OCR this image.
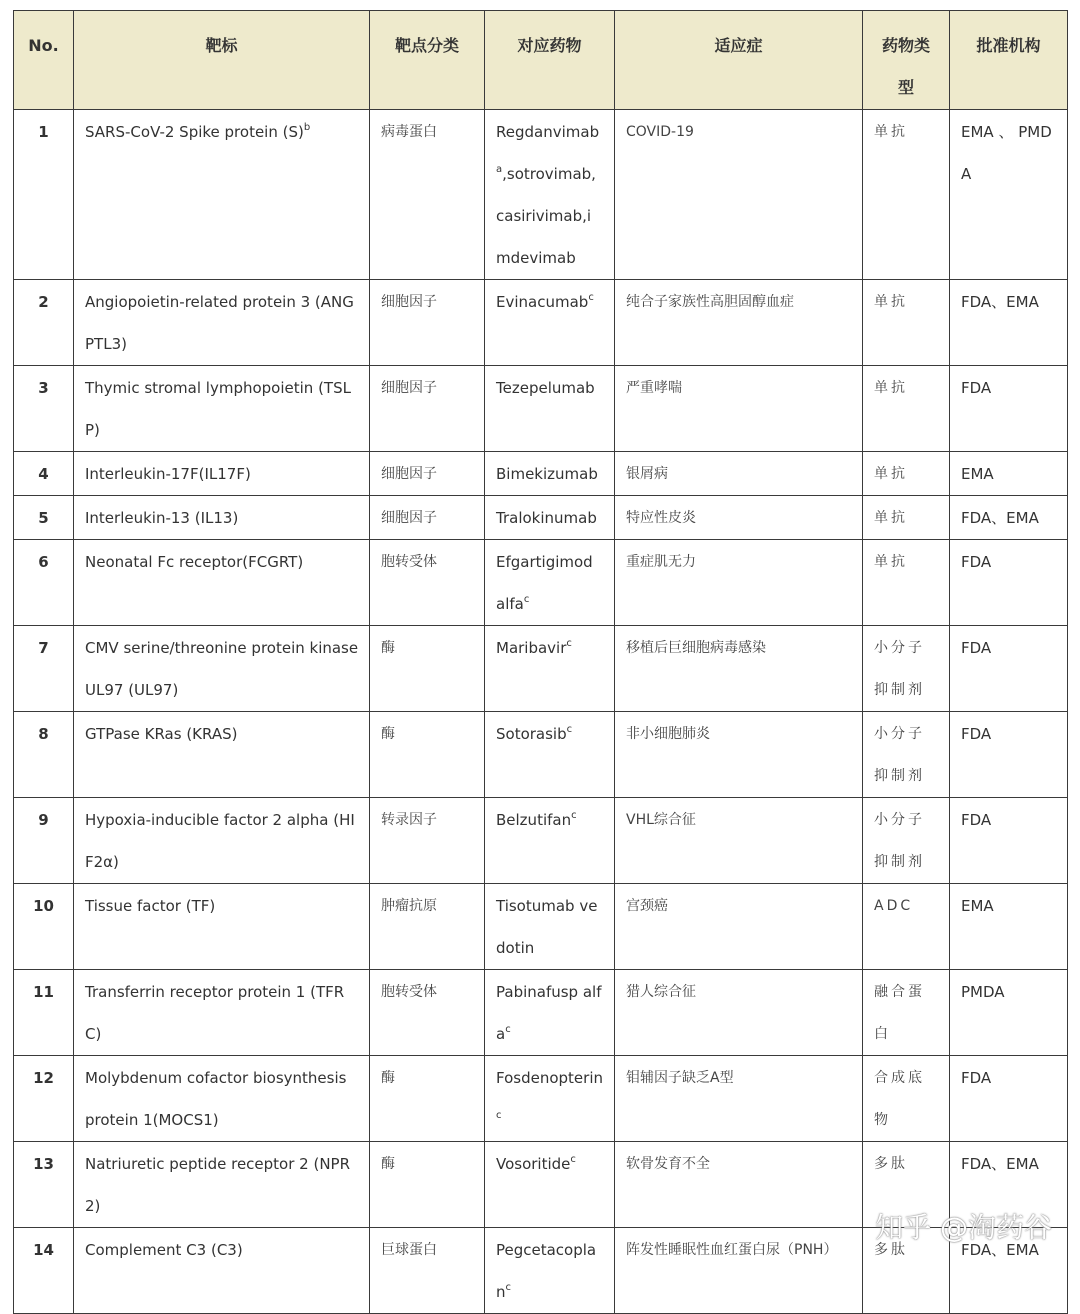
No.	靶标	靶点分类	对应药物	适应症	药物类型	批准机构
1	SARS-CoV-2 Spike protein $(S)^b$	病毒蛋白	Regdanvimab$^a$,sotrovimab, casirivimab,imdevimab	COVID-19	单抗	EMA 、 PMDA
2	Angiopoietin-related protein 3 (ANGPTL3)	细胞因子	Evinacumab$^c$	纯合子家族性高胆固醇血症	单抗	FDA、EMA
3	Thymic stromal lymphopoietin (TSLP)	细胞因子	Tezepelumab	严重哮喘	单抗	FDA
4	Interleukin-17F(IL17F)	细胞因子	Bimekizumab	银屑病	单抗	EMA
5	Interleukin-13 (IL13)	细胞因子	Tralokinumab	特应性皮炎	单抗	FDA、EMA
6	Neonatal Fc receptor(FCGRT)	胞转受体	Efgartigimod alfa$^c$	重症肌无力	单抗	FDA
7	CMV serine/threonine protein kinase UL97 (UL97)	酶	Maribavir$^c$	移植后巨细胞病毒感染	小分子抑制剂	FDA
8	GTPase KRas (KRAS)	酶	Sotorasib$^c$	非小细胞肺炎	小分子抑制剂	FDA
9	Hypoxia-inducible factor 2 alpha (HIF2α)	转录因子	Belzutifan$^c$	VHL综合征	小分子抑制剂	FDA
10	Tissue factor (TF)	肿瘤抗原	Tisotumab vedotin	宫颈癌	ADC	EMA
11	Transferrin receptor protein 1 (TFRC)	胞转受体	Pabinafusp alfa$^c$	猎人综合征	融合蛋白	PMDA
12	Molybdenum cofactor biosynthesis protein 1(MOCS1)	酶	Fosdenopterin$^c$	钼辅因子缺乏A型	合成底物	FDA
13	Natriuretic peptide receptor 2 (NPR2)	酶	Vosoritide$^c$	软骨发育不全	多肽	FDA、EMA
14	Complement C3 (C3)	巨球蛋白	Pegcetacoplan$^c$	阵发性睡眠性血红蛋白尿（PNH）	多肽	FDA、EMA
知乎 @淘药谷
